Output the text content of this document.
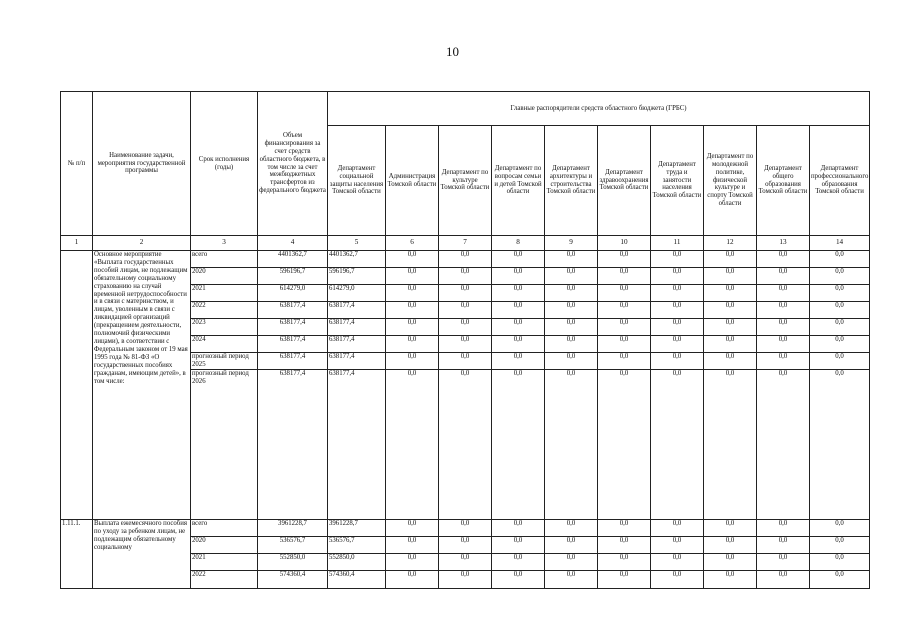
10
№ п/п	Наименование задачи, мероприятия государственной программы	Срок исполнения (годы)	Объем финансирования за счет средств областного бюджета, в том числе за счет межбюджетных трансфертов из федерального бюджета	Главные распорядители средств областного бюджета (ГРБС)									
				Департамент социальной защиты населения Томской области	Администрация Томской области	Департамент по культуре Томской области	Департамент по вопросам семьи и детей Томской области	Департамент архитектуры и строительства Томской области	Департамент здравоохранения Томской области	Департамент труда и занятости населения Томской области	Департамент по молодежной политике, физической культуре и спорту Томской области	Департамент общего образования Томской области	Департамент профессионального образования Томской области
1	2	3	4	5	6	7	8	9	10	11	12	13	14
	Основное мероприятие «Выплата государственных пособий лицам, не подлежащим обязательному социальному страхованию на случай временной нетрудоспособности и в связи с материнством, и лицам, уволенным в связи с ликвидацией организаций (прекращением деятельности, полномочий физическими лицами), в соответствии с Федеральным законом от 19 мая 1995 года № 81-ФЗ «О государственных пособиях гражданам, имеющим детей», в том числе:	всего	4401362,7	4401362,7	0,0	0,0	0,0	0,0	0,0	0,0	0,0	0,0	0,0
		2020	596196,7	596196,7	0,0	0,0	0,0	0,0	0,0	0,0	0,0	0,0	0,0
		2021	614279,0	614279,0	0,0	0,0	0,0	0,0	0,0	0,0	0,0	0,0	0,0
		2022	638177,4	638177,4	0,0	0,0	0,0	0,0	0,0	0,0	0,0	0,0	0,0
		2023	638177,4	638177,4	0,0	0,0	0,0	0,0	0,0	0,0	0,0	0,0	0,0
		2024	638177,4	638177,4	0,0	0,0	0,0	0,0	0,0	0,0	0,0	0,0	0,0
		прогнозный период 2025	638177,4	638177,4	0,0	0,0	0,0	0,0	0,0	0,0	0,0	0,0	0,0
		прогнозный период 2026	638177,4	638177,4	0,0	0,0	0,0	0,0	0,0	0,0	0,0	0,0	0,0
1.11.1.	Выплата ежемесячного пособия по уходу за ребенком лицам, не подлежащим обязательному социальному	всего	3961228,7	3961228,7	0,0	0,0	0,0	0,0	0,0	0,0	0,0	0,0	0,0
		2020	536576,7	536576,7	0,0	0,0	0,0	0,0	0,0	0,0	0,0	0,0	0,0
		2021	552850,0	552850,0	0,0	0,0	0,0	0,0	0,0	0,0	0,0	0,0	0,0
		2022	574360,4	574360,4	0,0	0,0	0,0	0,0	0,0	0,0	0,0	0,0	0,0
